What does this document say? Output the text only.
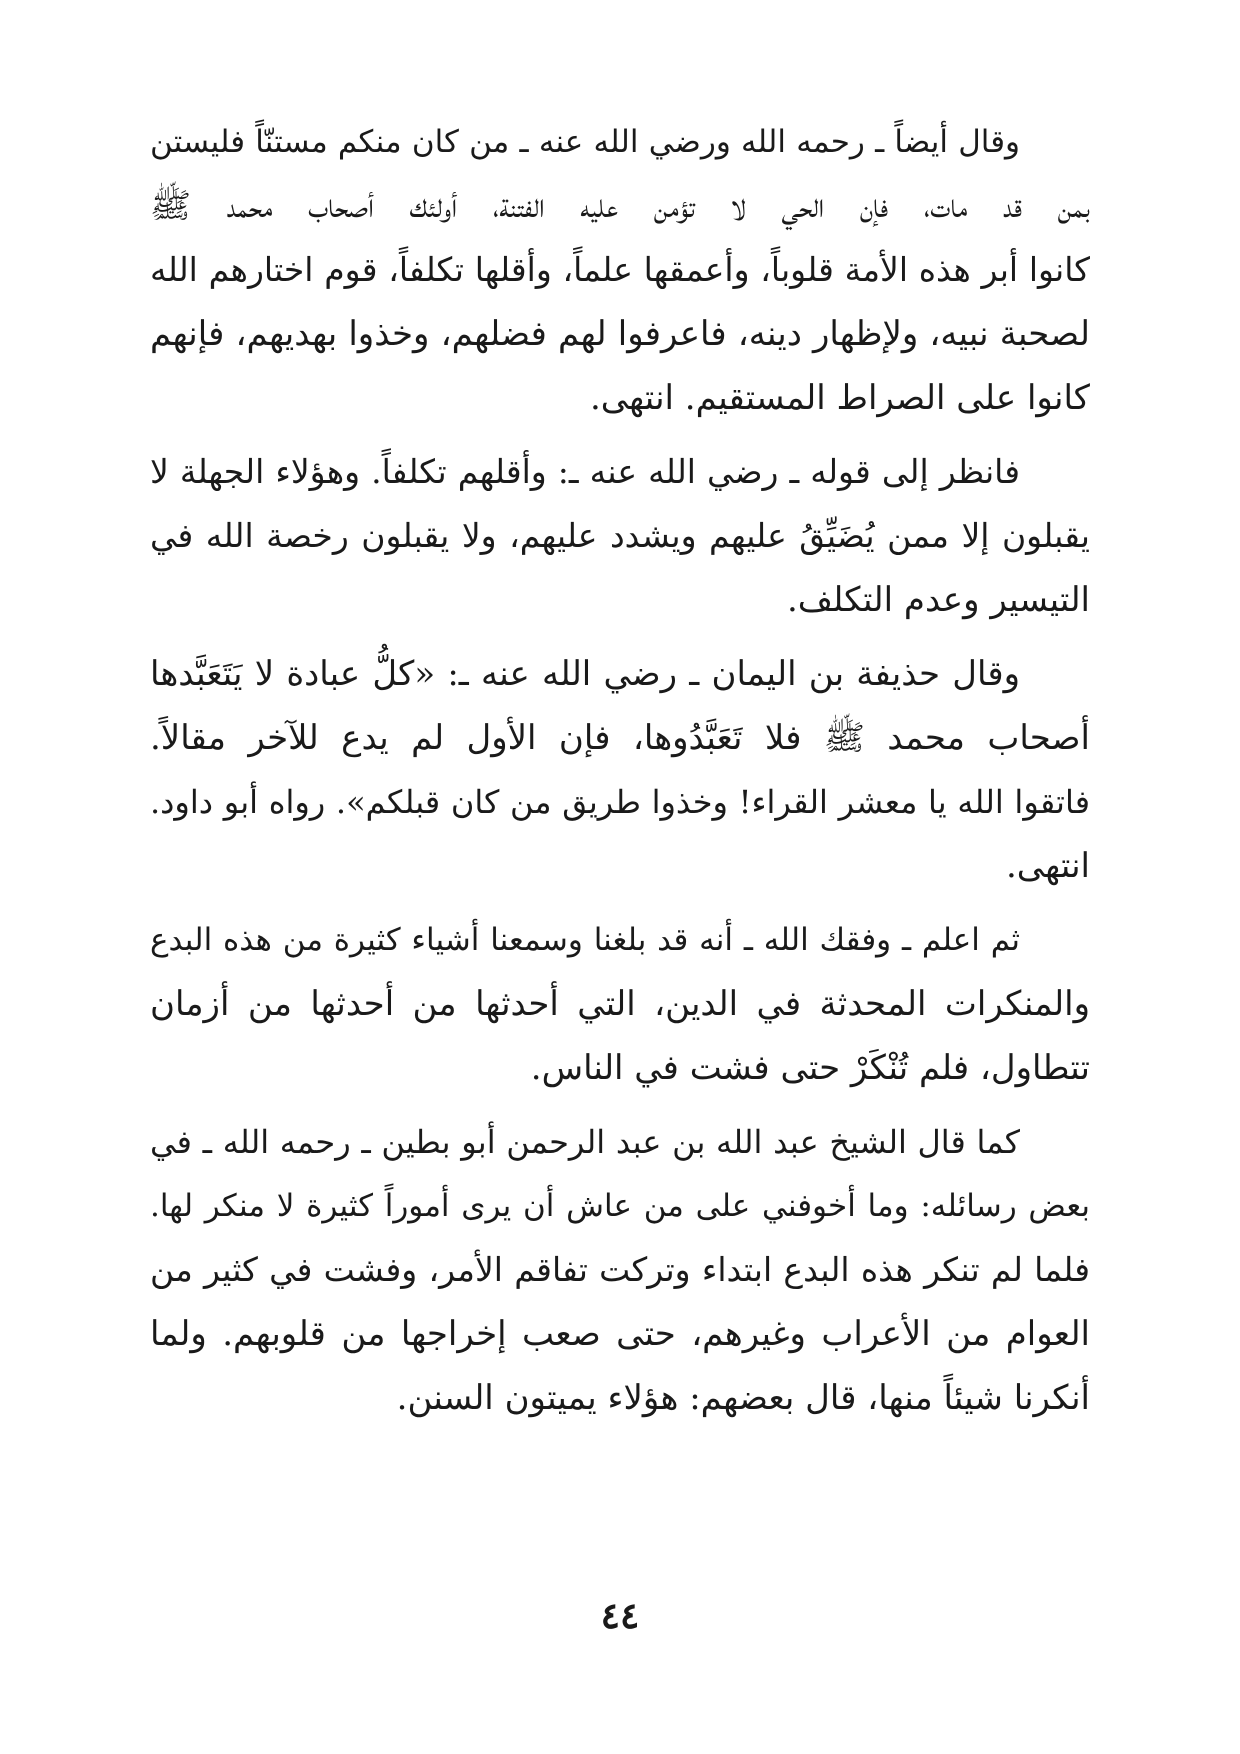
وقال أيضاً ـ رحمه الله ورضي الله عنه ـ من كان منكم مستنّاً فليستن
بمن قد مات، فإن الحي لا تؤمن عليه الفتنة، أولئك أصحاب محمد ﷺ
كانوا أبر هذه الأمة قلوباً، وأعمقها علماً، وأقلها تكلفاً، قوم اختارهم الله
لصحبة نبيه، ولإظهار دينه، فاعرفوا لهم فضلهم، وخذوا بهديهم، فإنهم
كانوا على الصراط المستقيم. انتهى.
فانظر إلى قوله ـ رضي الله عنه ـ: وأقلهم تكلفاً. وهؤلاء الجهلة لا
يقبلون إلا ممن يُضَيِّقُ عليهم ويشدد عليهم، ولا يقبلون رخصة الله في
التيسير وعدم التكلف.
وقال حذيفة بن اليمان ـ رضي الله عنه ـ: «كلُّ عبادة لا يَتَعَبَّدها
أصحاب محمد ﷺ فلا تَعَبَّدُوها، فإن الأول لم يدع للآخر مقالاً.
فاتقوا الله يا معشر القراء! وخذوا طريق من كان قبلكم». رواه أبو داود.
انتهى.
ثم اعلم ـ وفقك الله ـ أنه قد بلغنا وسمعنا أشياء كثيرة من هذه البدع
والمنكرات المحدثة في الدين، التي أحدثها من أحدثها من أزمان
تتطاول، فلم تُنْكَرْ حتى فشت في الناس.
كما قال الشيخ عبد الله بن عبد الرحمن أبو بطين ـ رحمه الله ـ في
بعض رسائله: وما أخوفني على من عاش أن يرى أموراً كثيرة لا منكر لها.
فلما لم تنكر هذه البدع ابتداء وتركت تفاقم الأمر، وفشت في كثير من
العوام من الأعراب وغيرهم، حتى صعب إخراجها من قلوبهم. ولما
أنكرنا شيئاً منها، قال بعضهم: هؤلاء يميتون السنن.
٤٤
